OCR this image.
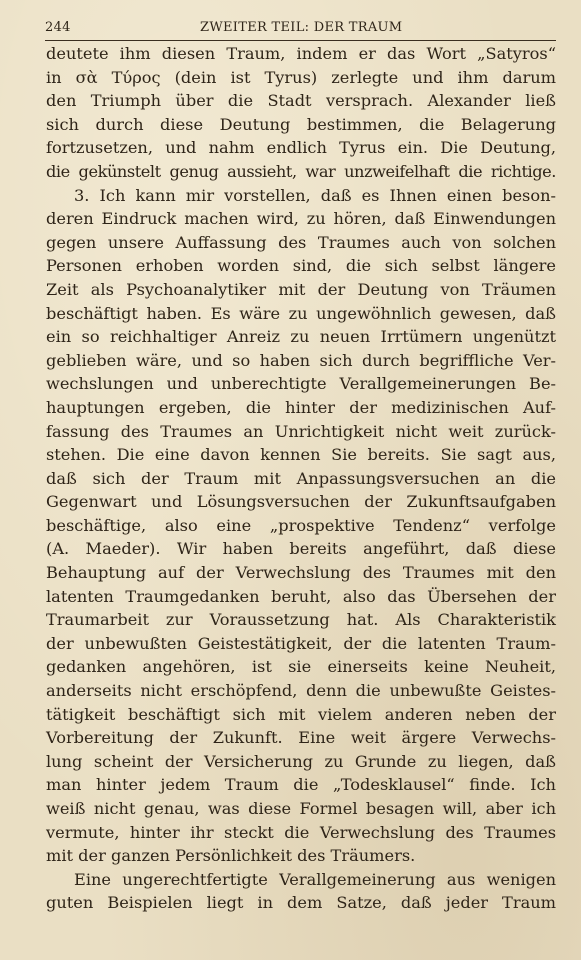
244	ZWEITER TEIL: DER TRAUM
deutete ihm diesen Traum, indem er das Wort „Satyros“
in σὰ Τύρος (dein ist Tyrus) zerlegte und ihm darum
den Triumph über die Stadt versprach. Alexander ließ
sich durch diese Deutung bestimmen, die Belagerung
fortzusetzen, und nahm endlich Tyrus ein. Die Deutung,
die gekünstelt genug aussieht, war unzweifelhaft die richtige.
3. Ich kann mir vorstellen, daß es Ihnen einen beson-
deren Eindruck machen wird, zu hören, daß Einwendungen
gegen unsere Auffassung des Traumes auch von solchen
Personen erhoben worden sind, die sich selbst längere
Zeit als Psychoanalytiker mit der Deutung von Träumen
beschäftigt haben. Es wäre zu ungewöhnlich gewesen, daß
ein so reichhaltiger Anreiz zu neuen Irrtümern ungenützt
geblieben wäre, und so haben sich durch begriffliche Ver-
wechslungen und unberechtigte Verallgemeinerungen Be-
hauptungen ergeben, die hinter der medizinischen Auf-
fassung des Traumes an Unrichtigkeit nicht weit zurück-
stehen. Die eine davon kennen Sie bereits. Sie sagt aus,
daß sich der Traum mit Anpassungsversuchen an die
Gegenwart und Lösungsversuchen der Zukunftsaufgaben
beschäftige, also eine „prospektive Tendenz“ verfolge
(A. Maeder). Wir haben bereits angeführt, daß diese
Behauptung auf der Verwechslung des Traumes mit den
latenten Traumgedanken beruht, also das Übersehen der
Traumarbeit zur Voraussetzung hat. Als Charakteristik
der unbewußten Geistestätigkeit, der die latenten Traum-
gedanken angehören, ist sie einerseits keine Neuheit,
anderseits nicht erschöpfend, denn die unbewußte Geistes-
tätigkeit beschäftigt sich mit vielem anderen neben der
Vorbereitung der Zukunft. Eine weit ärgere Verwechs-
lung scheint der Versicherung zu Grunde zu liegen, daß
man hinter jedem Traum die „Todesklausel“ finde. Ich
weiß nicht genau, was diese Formel besagen will, aber ich
vermute, hinter ihr steckt die Verwechslung des Traumes
mit der ganzen Persönlichkeit des Träumers.
Eine ungerechtfertigte Verallgemeinerung aus wenigen
guten Beispielen liegt in dem Satze, daß jeder Traum
